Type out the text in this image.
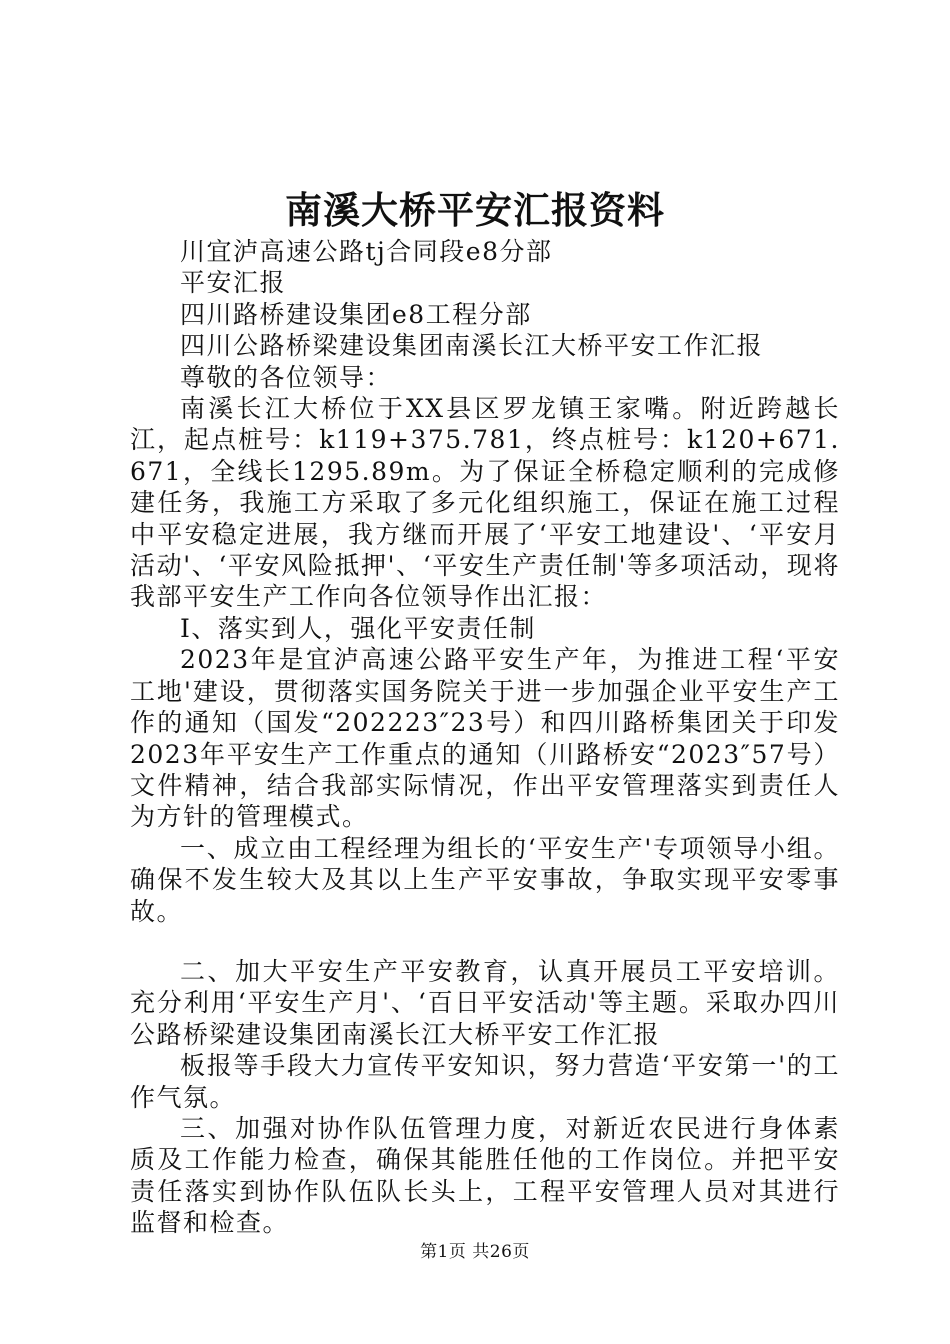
南溪大桥平安汇报资料

川宜泸高速公路tj合同段e8分部

平安汇报

四川路桥建设集团e8工程分部

四川公路桥梁建设集团南溪长江大桥平安工作汇报

尊敬的各位领导：

南溪长江大桥位于XX县区罗龙镇王家嘴。附近跨越长江，起点桩号：k119+375.781，终点桩号：k120+671.671，全线长1295.89m。为了保证全桥稳定顺利的完成修建任务，我施工方采取了多元化组织施工，保证在施工过程中平安稳定进展，我方继而开展了‘平安工地建设'、‘平安月活动'、‘平安风险抵押'、‘平安生产责任制'等多项活动，现将我部平安生产工作向各位领导作出汇报：

Ⅰ、落实到人，强化平安责任制

2023年是宜泸高速公路平安生产年，为推进工程‘平安工地'建设，贯彻落实国务院关于进一步加强企业平安生产工作的通知（国发“202223″23号）和四川路桥集团关于印发2023年平安生产工作重点的通知（川路桥安“2023″57号）文件精神，结合我部实际情况，作出平安管理落实到责任人为方针的管理模式。

一、成立由工程经理为组长的‘平安生产'专项领导小组。确保不发生较大及其以上生产平安事故，争取实现平安零事故。

二、加大平安生产平安教育，认真开展员工平安培训。充分利用‘平安生产月'、‘百日平安活动'等主题。采取办四川公路桥梁建设集团南溪长江大桥平安工作汇报

板报等手段大力宣传平安知识，努力营造‘平安第一'的工作气氛。

三、加强对协作队伍管理力度，对新近农民进行身体素质及工作能力检查，确保其能胜任他的工作岗位。并把平安责任落实到协作队伍队长头上，工程平安管理人员对其进行监督和检查。

第1页 共26页
